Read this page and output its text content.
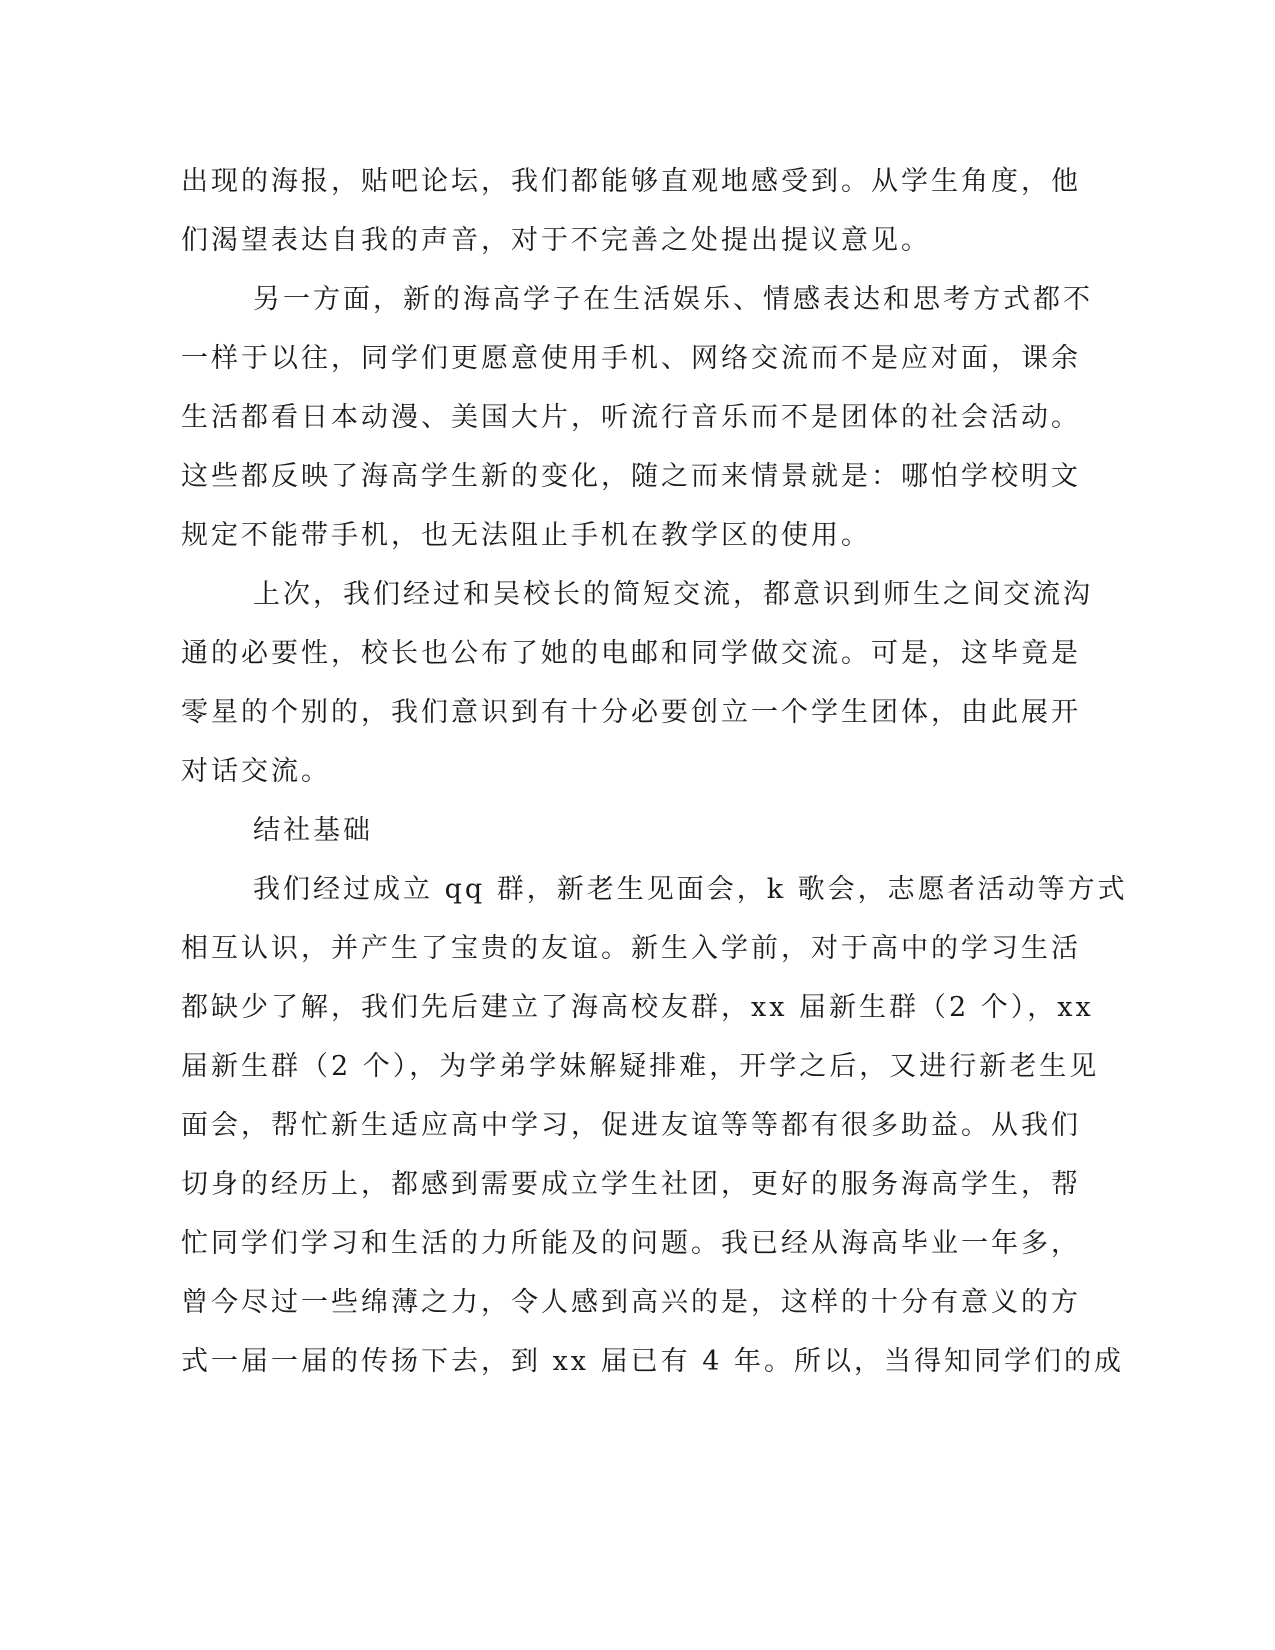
出现的海报，贴吧论坛，我们都能够直观地感受到。从学生角度，他
们渴望表达自我的声音，对于不完善之处提出提议意见。
另一方面，新的海高学子在生活娱乐、情感表达和思考方式都不
一样于以往，同学们更愿意使用手机、网络交流而不是应对面，课余
生活都看日本动漫、美国大片，听流行音乐而不是团体的社会活动。
这些都反映了海高学生新的变化，随之而来情景就是：哪怕学校明文
规定不能带手机，也无法阻止手机在教学区的使用。
上次，我们经过和吴校长的简短交流，都意识到师生之间交流沟
通的必要性，校长也公布了她的电邮和同学做交流。可是，这毕竟是
零星的个别的，我们意识到有十分必要创立一个学生团体，由此展开
对话交流。
结社基础
我们经过成立 qq 群，新老生见面会，k 歌会，志愿者活动等方式
相互认识，并产生了宝贵的友谊。新生入学前，对于高中的学习生活
都缺少了解，我们先后建立了海高校友群，xx 届新生群（2 个），xx
届新生群（2 个），为学弟学妹解疑排难，开学之后，又进行新老生见
面会，帮忙新生适应高中学习，促进友谊等等都有很多助益。从我们
切身的经历上，都感到需要成立学生社团，更好的服务海高学生，帮
忙同学们学习和生活的力所能及的问题。我已经从海高毕业一年多，
曾今尽过一些绵薄之力，令人感到高兴的是，这样的十分有意义的方
式一届一届的传扬下去，到 xx 届已有 4 年。所以，当得知同学们的成
